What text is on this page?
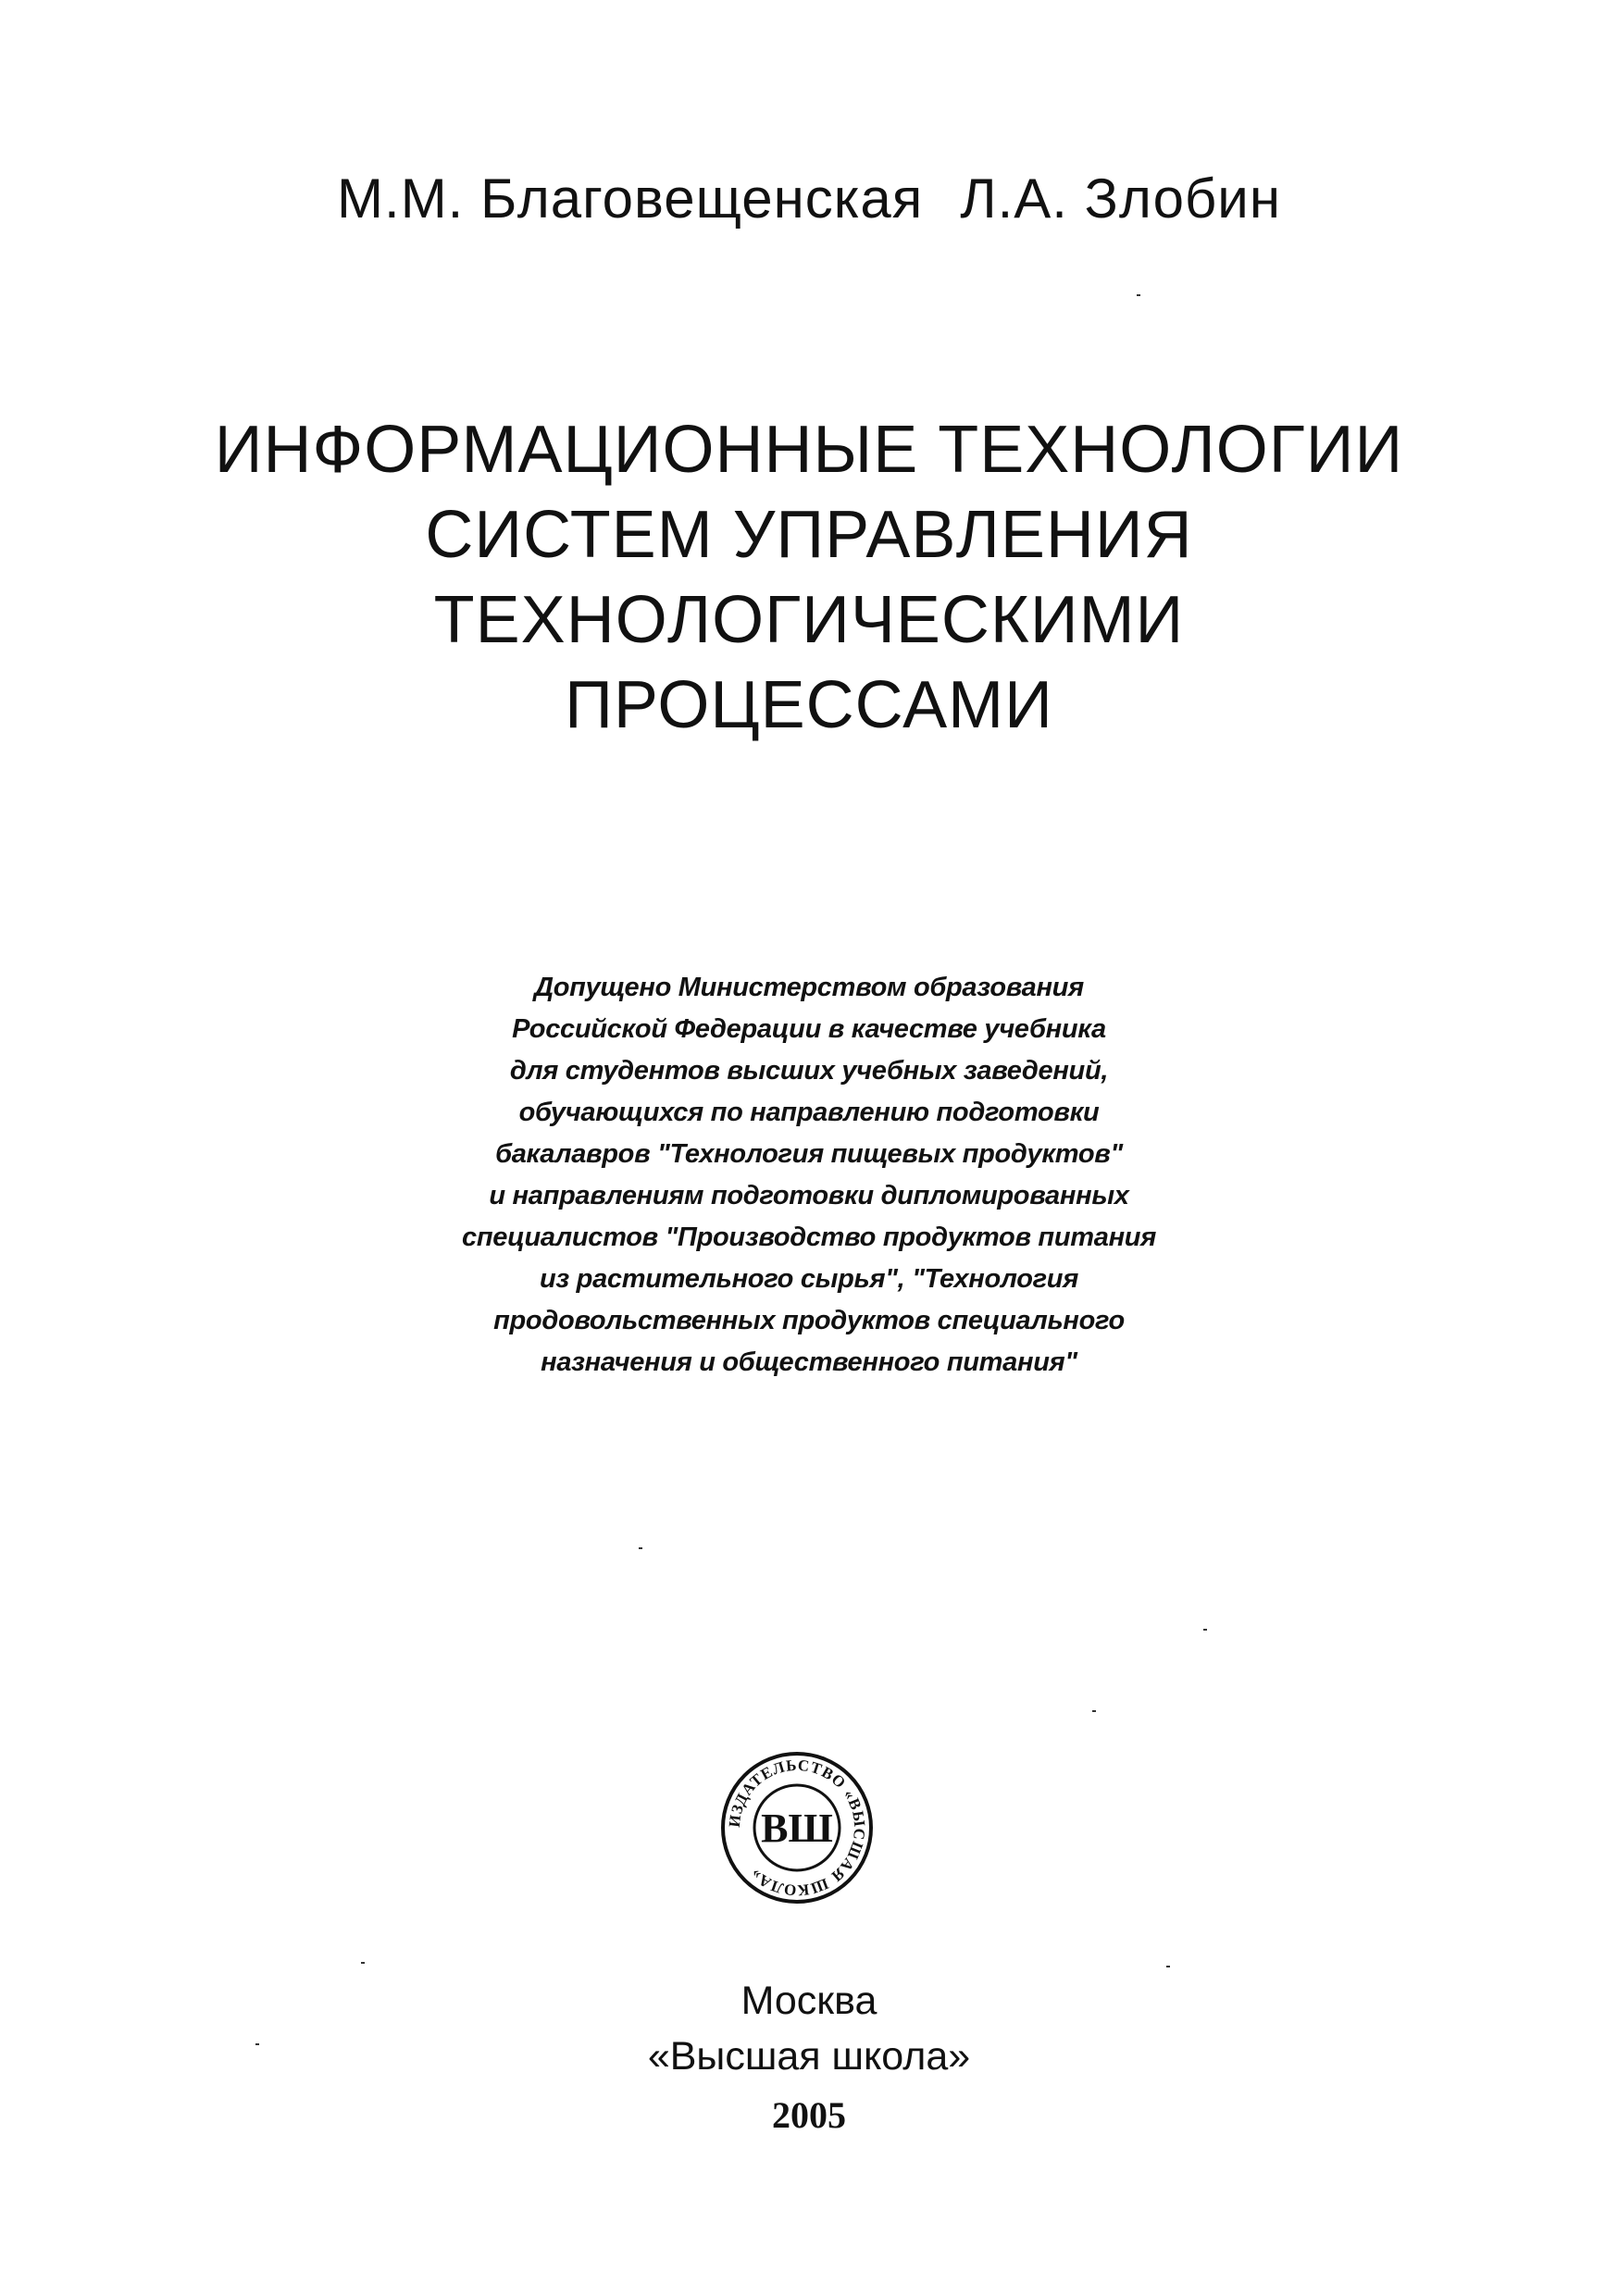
М.М. Благовещенская Л.А. Злобин
ИНФОРМАЦИОННЫЕ ТЕХНОЛОГИИ
СИСТЕМ УПРАВЛЕНИЯ
ТЕХНОЛОГИЧЕСКИМИ
ПРОЦЕССАМИ
Допущено Министерством образования
Российской Федерации в качестве учебника
для студентов высших учебных заведений,
обучающихся по направлению подготовки
бакалавров "Технология пищевых продуктов"
и направлениям подготовки дипломированных
специалистов "Производство продуктов питания
из растительного сырья", "Технология
продовольственных продуктов специального
назначения и общественного питания"
ИЗДАТЕЛЬСТВО «ВЫСШАЯ ШКОЛА»
ВШ
Москва
«Высшая школа»
2005
